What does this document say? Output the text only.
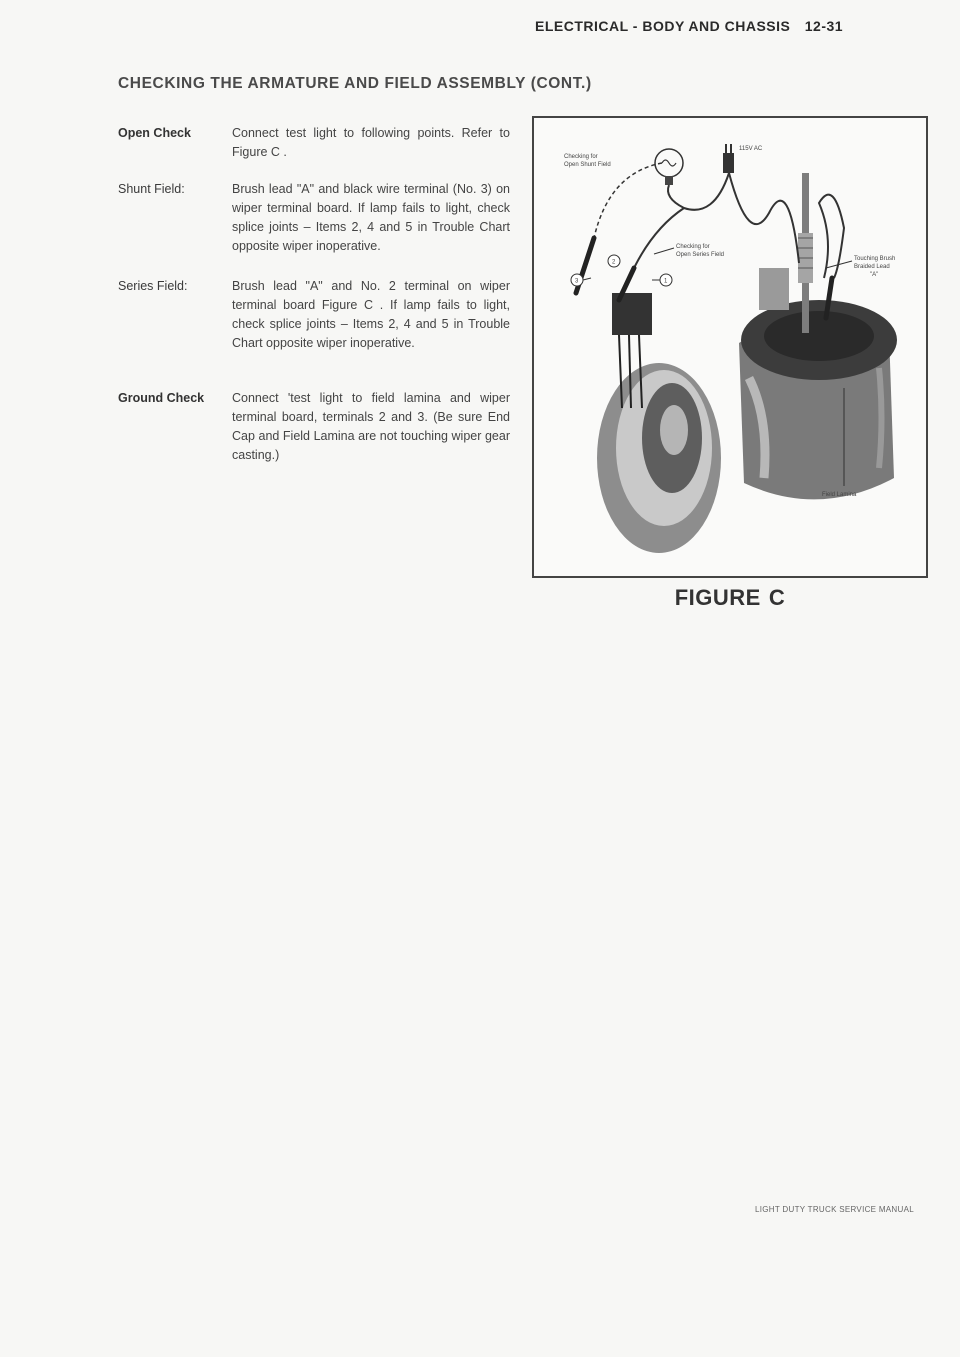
ELECTRICAL - BODY AND CHASSIS 12-31
CHECKING THE ARMATURE AND FIELD ASSEMBLY (CONT.)
Open Check	Connect test light to following points. Refer to Figure C .
Shunt Field:	Brush lead "A" and black wire terminal (No. 3) on wiper terminal board. If lamp fails to light, check splice joints – Items 2, 4 and 5 in Trouble Chart opposite wiper inoperative.
Series Field:	Brush lead "A" and No. 2 terminal on wiper terminal board Figure C . If lamp fails to light, check splice joints – Items 2, 4 and 5 in Trouble Chart opposite wiper inoperative.
Ground Check	Connect 'test light to field lamina and wiper terminal board, terminals 2 and 3. (Be sure End Cap and Field Lamina are not touching wiper gear casting.)
2
1
3
Checking for
Open Shunt Field
115V AC
Checking for
Open Series Field
Touching Brush
Braided Lead
"A"
Field Lamina
FIGURE C
LIGHT DUTY TRUCK SERVICE MANUAL
